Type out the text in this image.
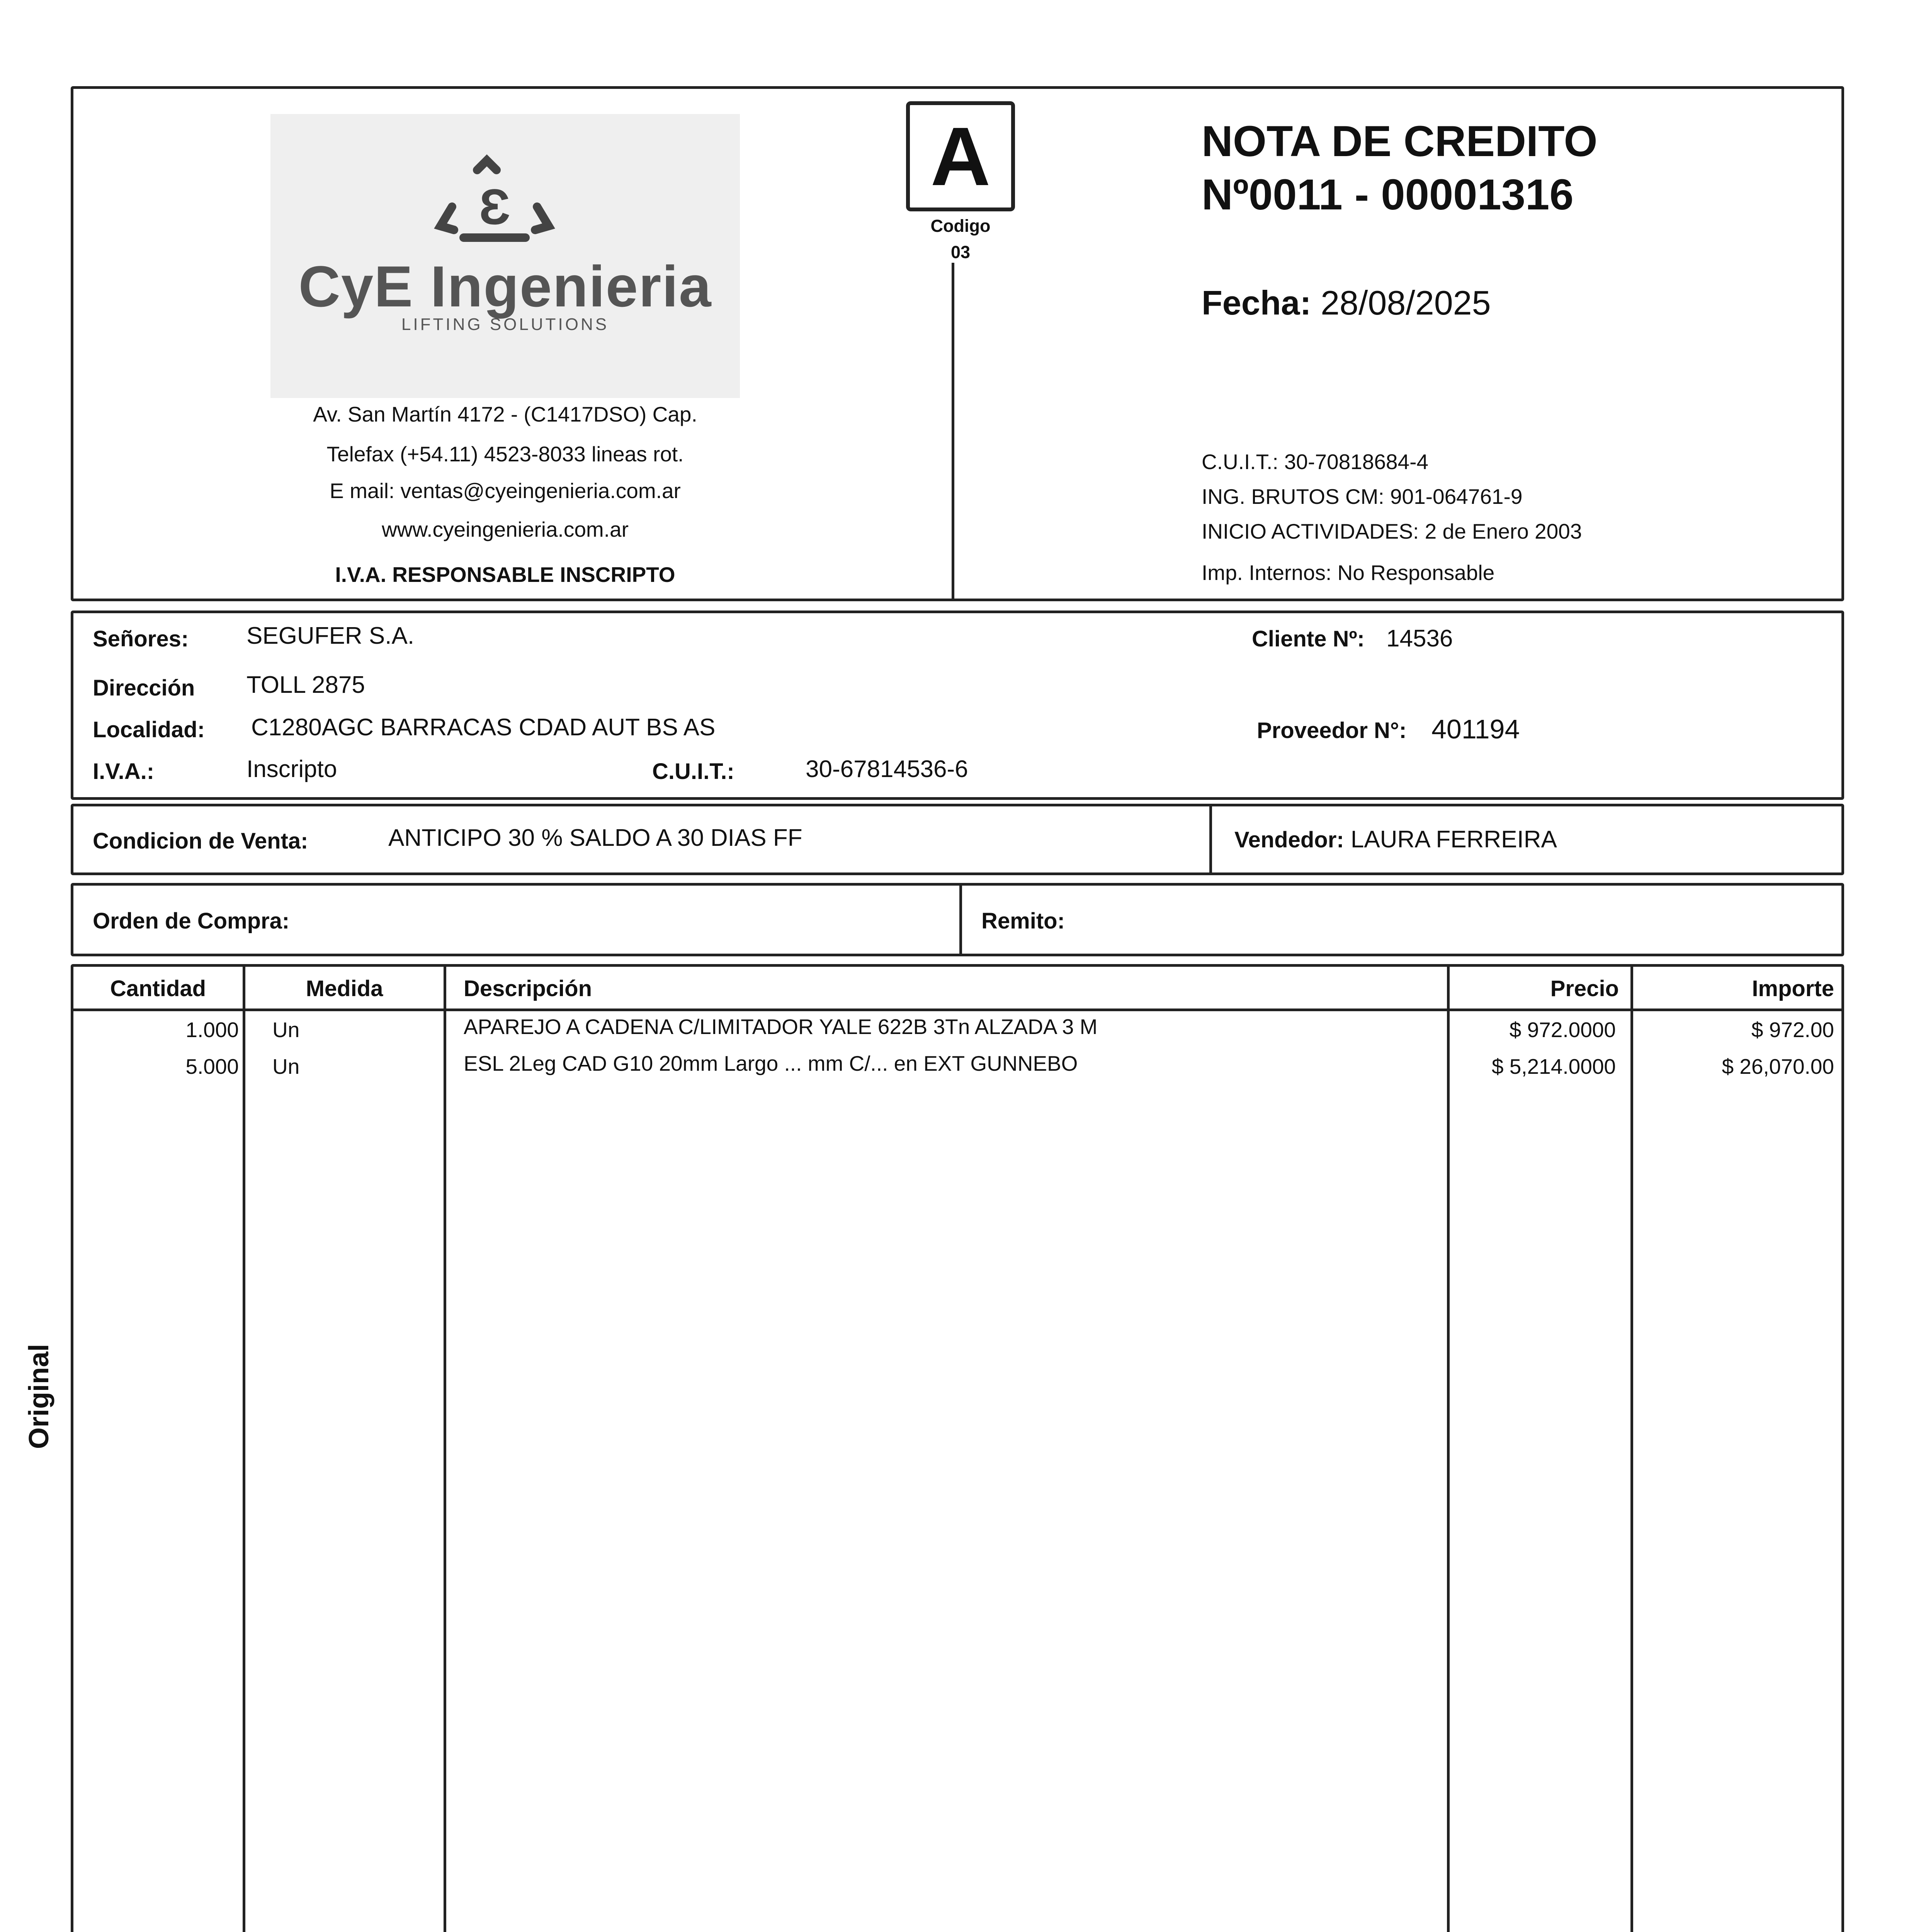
Ɛ
CyE Ingenieria
LIFTING SOLUTIONS
Av. San Martín 4172 - (C1417DSO) Cap.
Telefax (+54.11) 4523-8033 lineas rot.
E mail: ventas@cyeingenieria.com.ar
www.cyeingenieria.com.ar
I.V.A. RESPONSABLE INSCRIPTO
A
Codigo
03
NOTA DE CREDITO
Nº0011 - 00001316
Fecha: 28/08/2025
C.U.I.T.: 30-70818684-4
ING. BRUTOS CM: 901-064761-9
INICIO ACTIVIDADES: 2 de Enero 2003
Imp. Internos: No Responsable
Señores: SEGUFER S.A.	Cliente Nº: 14536
Dirección TOLL 2875
Localidad: C1280AGC BARRACAS CDAD AUT BS AS	Proveedor N°: 401194
I.V.A.:	Inscripto	C.U.I.T.:	30-67814536-6
Condicion de Venta:	ANTICIPO 30 % SALDO A 30 DIAS FF	Vendedor: LAURA FERREIRA
Orden de Compra:	Remito:
Cantidad	Medida	Descripción	Precio	Importe
1.000 Un	APAREJO A CADENA C/LIMITADOR YALE 622B 3Tn ALZADA 3 M	$ 972.0000	$ 972.00
5.000 Un	ESL 2Leg CAD G10 20mm Largo ... mm C/... en EXT GUNNEBO	$ 5,214.0000	$ 26,070.00
Original
